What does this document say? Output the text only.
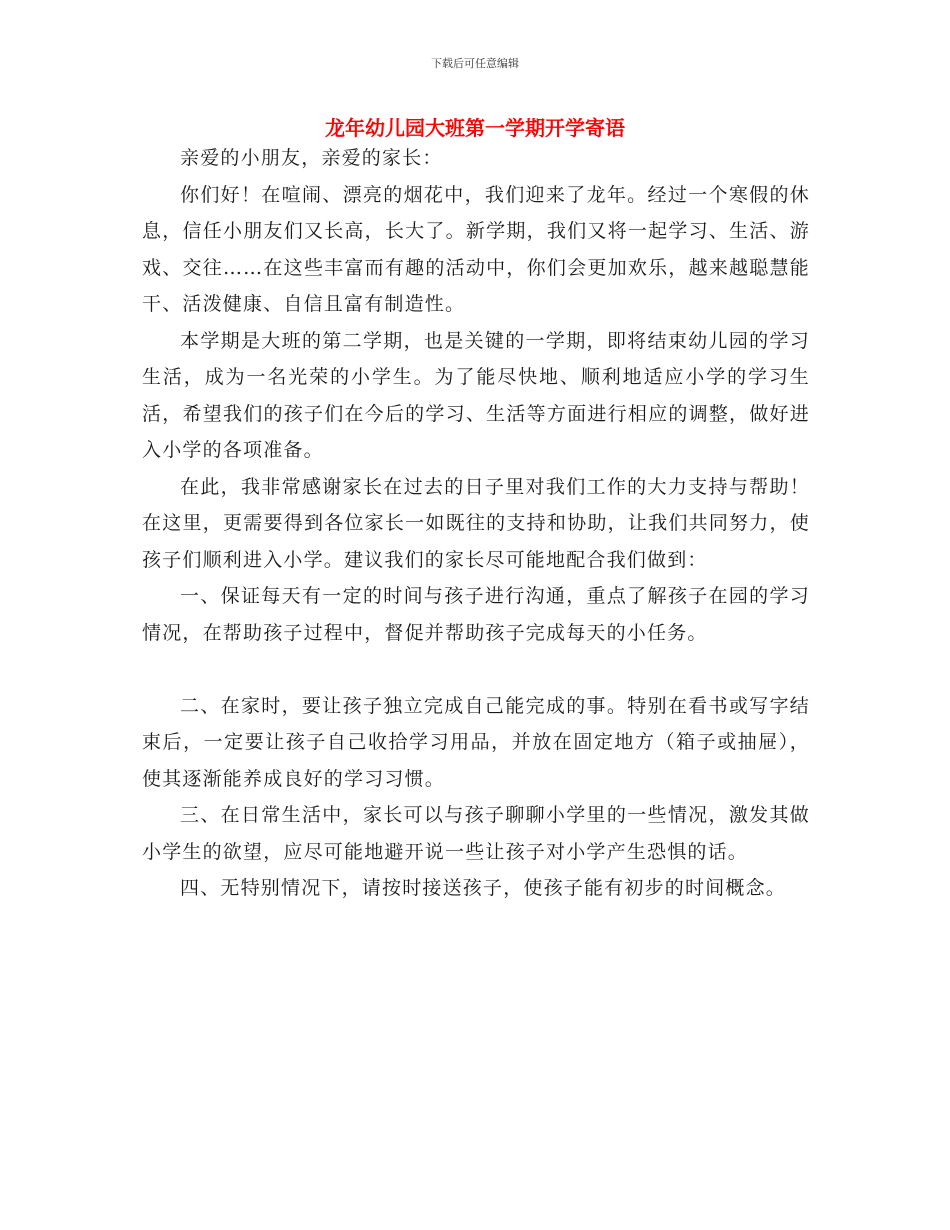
下载后可任意编辑
龙年幼儿园大班第一学期开学寄语

亲爱的小朋友，亲爱的家长：

你们好！在喧闹、漂亮的烟花中，我们迎来了龙年。经过一个寒假的休息，信任小朋友们又长高，长大了。新学期，我们又将一起学习、生活、游戏、交往……在这些丰富而有趣的活动中，你们会更加欢乐，越来越聪慧能干、活泼健康、自信且富有制造性。

本学期是大班的第二学期，也是关键的一学期，即将结束幼儿园的学习生活，成为一名光荣的小学生。为了能尽快地、顺利地适应小学的学习生活，希望我们的孩子们在今后的学习、生活等方面进行相应的调整，做好进入小学的各项准备。

在此，我非常感谢家长在过去的日子里对我们工作的大力支持与帮助！在这里，更需要得到各位家长一如既往的支持和协助，让我们共同努力，使孩子们顺利进入小学。建议我们的家长尽可能地配合我们做到：

一、保证每天有一定的时间与孩子进行沟通，重点了解孩子在园的学习情况，在帮助孩子过程中，督促并帮助孩子完成每天的小任务。

二、在家时，要让孩子独立完成自己能完成的事。特别在看书或写字结束后，一定要让孩子自己收拾学习用品，并放在固定地方（箱子或抽屉），使其逐渐能养成良好的学习习惯。

三、在日常生活中，家长可以与孩子聊聊小学里的一些情况，激发其做小学生的欲望，应尽可能地避开说一些让孩子对小学产生恐惧的话。

四、无特别情况下，请按时接送孩子，使孩子能有初步的时间概念。
